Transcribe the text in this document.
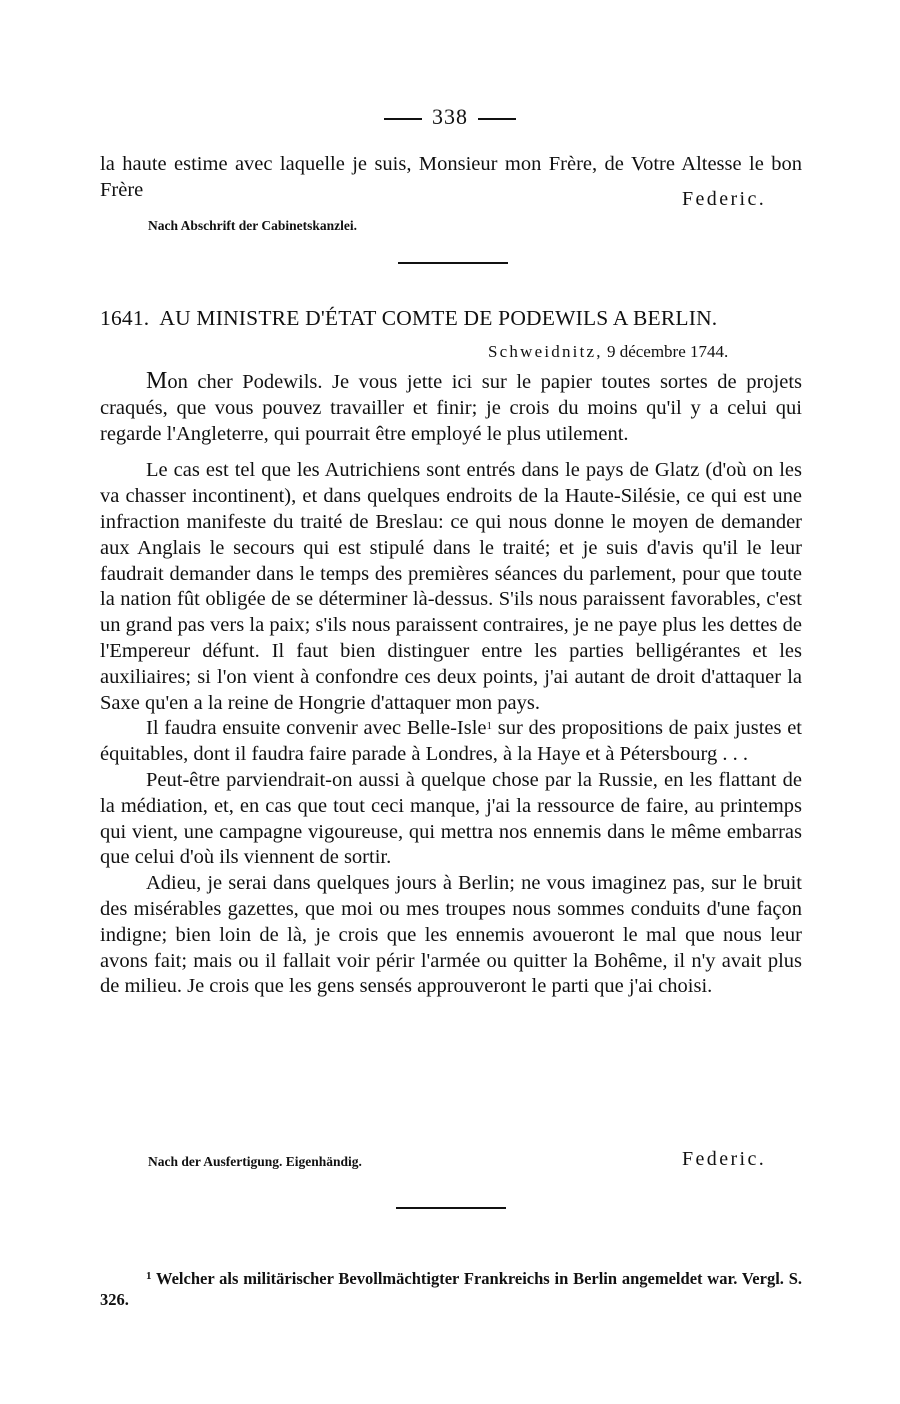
338

la haute estime avec laquelle je suis, Monsieur mon Frère, de Votre Altesse le bon Frère	Federic.
Nach Abschrift der Cabinetskanzlei.
1641. AU MINISTRE D'ÉTAT COMTE DE PODEWILS A BERLIN.
Schweidnitz, 9 décembre 1744.

Mon cher Podewils. Je vous jette ici sur le papier toutes sortes de projets craqués, que vous pouvez travailler et finir; je crois du moins qu'il y a celui qui regarde l'Angleterre, qui pourrait être employé le plus utilement.

Le cas est tel que les Autrichiens sont entrés dans le pays de Glatz (d'où on les va chasser incontinent), et dans quelques endroits de la Haute-Silésie, ce qui est une infraction manifeste du traité de Breslau: ce qui nous donne le moyen de demander aux Anglais le secours qui est stipulé dans le traité; et je suis d'avis qu'il le leur faudrait demander dans le temps des premières séances du parlement, pour que toute la nation fût obligée de se déterminer là-dessus. S'ils nous paraissent favorables, c'est un grand pas vers la paix; s'ils nous paraissent contraires, je ne paye plus les dettes de l'Empereur défunt. Il faut bien distinguer entre les parties belligérantes et les auxiliaires; si l'on vient à confondre ces deux points, j'ai autant de droit d'attaquer la Saxe qu'en a la reine de Hongrie d'attaquer mon pays.

Il faudra ensuite convenir avec Belle-Isle$^1$ sur des propositions de paix justes et équitables, dont il faudra faire parade à Londres, à la Haye et à Pétersbourg . . .

Peut-être parviendrait-on aussi à quelque chose par la Russie, en les flattant de la médiation, et, en cas que tout ceci manque, j'ai la ressource de faire, au printemps qui vient, une campagne vigoureuse, qui mettra nos ennemis dans le même embarras que celui d'où ils viennent de sortir.

Adieu, je serai dans quelques jours à Berlin; ne vous imaginez pas, sur le bruit des misérables gazettes, que moi ou mes troupes nous sommes conduits d'une façon indigne; bien loin de là, je crois que les ennemis avoueront le mal que nous leur avons fait; mais ou il fallait voir périr l'armée ou quitter la Bohême, il n'y avait plus de milieu. Je crois que les gens sensés approuveront le parti que j'ai choisi.

Nach der Ausfertigung. Eigenhändig.	Federic.

$^1$ Welcher als militärischer Bevollmächtigter Frankreichs in Berlin angemeldet war. Vergl. S. 326.
